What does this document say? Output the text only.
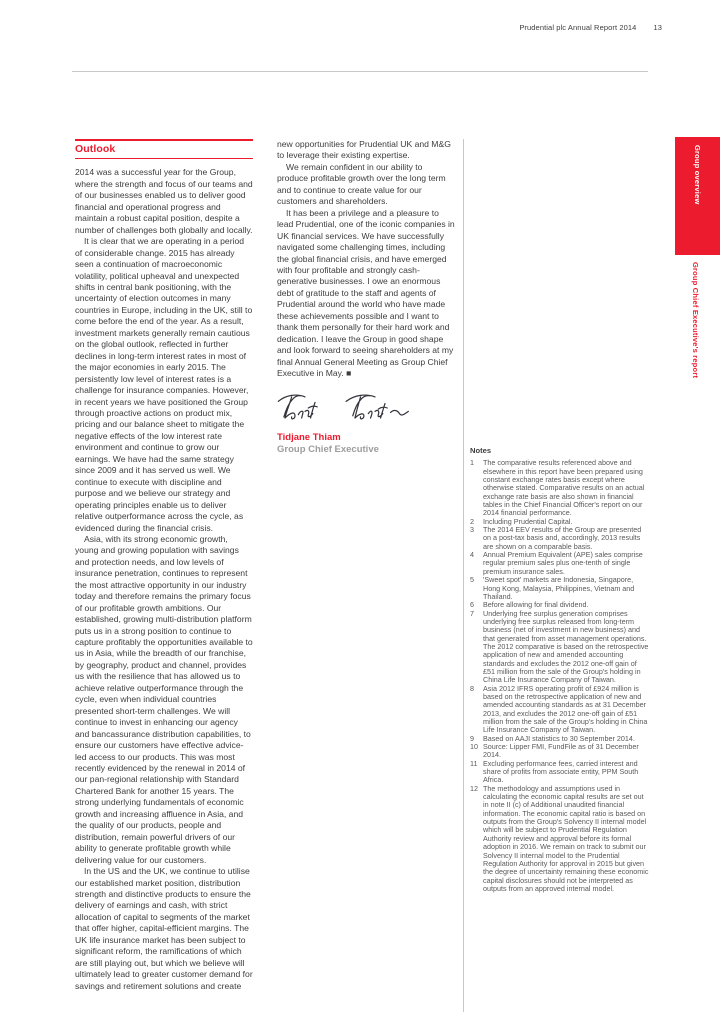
Prudential plc Annual Report 2014 13
Outlook

2014 was a successful year for the Group, where the strength and focus of our teams and of our businesses enabled us to deliver good financial and operational progress and maintain a robust capital position, despite a number of challenges both globally and locally.

It is clear that we are operating in a period of considerable change. 2015 has already seen a continuation of macroeconomic volatility, political upheaval and unexpected shifts in central bank positioning, with the uncertainty of election outcomes in many countries in Europe, including in the UK, still to come before the end of the year. As a result, investment markets generally remain cautious on the global outlook, reflected in further declines in long-term interest rates in most of the major economies in early 2015. The persistently low level of interest rates is a challenge for insurance companies. However, in recent years we have positioned the Group through proactive actions on product mix, pricing and our balance sheet to mitigate the negative effects of the low interest rate environment and continue to grow our earnings. We have had the same strategy since 2009 and it has served us well. We continue to execute with discipline and purpose and we believe our strategy and operating principles enable us to deliver relative outperformance across the cycle, as evidenced during the financial crisis.

Asia, with its strong economic growth, young and growing population with savings and protection needs, and low levels of insurance penetration, continues to represent the most attractive opportunity in our industry today and therefore remains the primary focus of our profitable growth ambitions. Our established, growing multi-distribution platform puts us in a strong position to continue to capture profitably the opportunities available to us in Asia, while the breadth of our franchise, by geography, product and channel, provides us with the resilience that has allowed us to achieve relative outperformance through the cycle, even when individual countries presented short-term challenges. We will continue to invest in enhancing our agency and bancassurance distribution capabilities, to ensure our customers have effective advice-led access to our products. This was most recently evidenced by the renewal in 2014 of our pan-regional relationship with Standard Chartered Bank for another 15 years. The strong underlying fundamentals of economic growth and increasing affluence in Asia, and the quality of our products, people and distribution, remain powerful drivers of our ability to generate profitable growth while delivering value for our customers.

In the US and the UK, we continue to utilise our established market position, distribution strength and distinctive products to ensure the delivery of earnings and cash, with strict allocation of capital to segments of the market that offer higher, capital-efficient margins. The UK life insurance market has been subject to significant reform, the ramifications of which are still playing out, but which we believe will ultimately lead to greater customer demand for savings and retirement solutions and create new opportunities for Prudential UK and M&G to leverage their existing expertise.

We remain confident in our ability to produce profitable growth over the long term and to continue to create value for our customers and shareholders.

It has been a privilege and a pleasure to lead Prudential, one of the iconic companies in UK financial services. We have successfully navigated some challenging times, including the global financial crisis, and have emerged with four profitable and strongly cash-generative businesses. I owe an enormous debt of gratitude to the staff and agents of Prudential around the world who have made these achievements possible and I want to thank them personally for their hard work and dedication. I leave the Group in good shape and look forward to seeing shareholders at my final Annual General Meeting as Group Chief Executive in May. ■

Tidjane Thiam
Group Chief Executive	Notes
1 The comparative results referenced above and elsewhere in this report have been prepared using constant exchange rates basis except where otherwise stated. Comparative results on an actual exchange rate basis are also shown in financial tables in the Chief Financial Officer's report on our 2014 financial performance.
2 Including Prudential Capital.
3 The 2014 EEV results of the Group are presented on a post-tax basis and, accordingly, 2013 results are shown on a comparable basis.
4 Annual Premium Equivalent (APE) sales comprise regular premium sales plus one-tenth of single premium insurance sales.
5 'Sweet spot' markets are Indonesia, Singapore, Hong Kong, Malaysia, Philippines, Vietnam and Thailand.
6 Before allowing for final dividend.
7 Underlying free surplus generation comprises underlying free surplus released from long-term business (net of investment in new business) and that generated from asset management operations. The 2012 comparative is based on the retrospective application of new and amended accounting standards and excludes the 2012 one-off gain of £51 million from the sale of the Group's holding in China Life Insurance Company of Taiwan.
8 Asia 2012 IFRS operating profit of £924 million is based on the retrospective application of new and amended accounting standards as at 31 December 2013, and excludes the 2012 one-off gain of £51 million from the sale of the Group's holding in China Life Insurance Company of Taiwan.
9 Based on AAJI statistics to 30 September 2014.
10 Source: Lipper FMI, FundFile as of 31 December 2014.
11 Excluding performance fees, carried interest and share of profits from associate entity, PPM South Africa.
12 The methodology and assumptions used in calculating the economic capital results are set out in note II (c) of Additional unaudited financial information. The economic capital ratio is based on outputs from the Group's Solvency II internal model which will be subject to Prudential Regulation Authority review and approval before its formal adoption in 2016. We remain on track to submit our Solvency II internal model to the Prudential Regulation Authority for approval in 2015 but given the degree of uncertainty remaining these economic capital disclosures should not be interpreted as outputs from an approved internal model.
Group overview
Group Chief Executive's report
